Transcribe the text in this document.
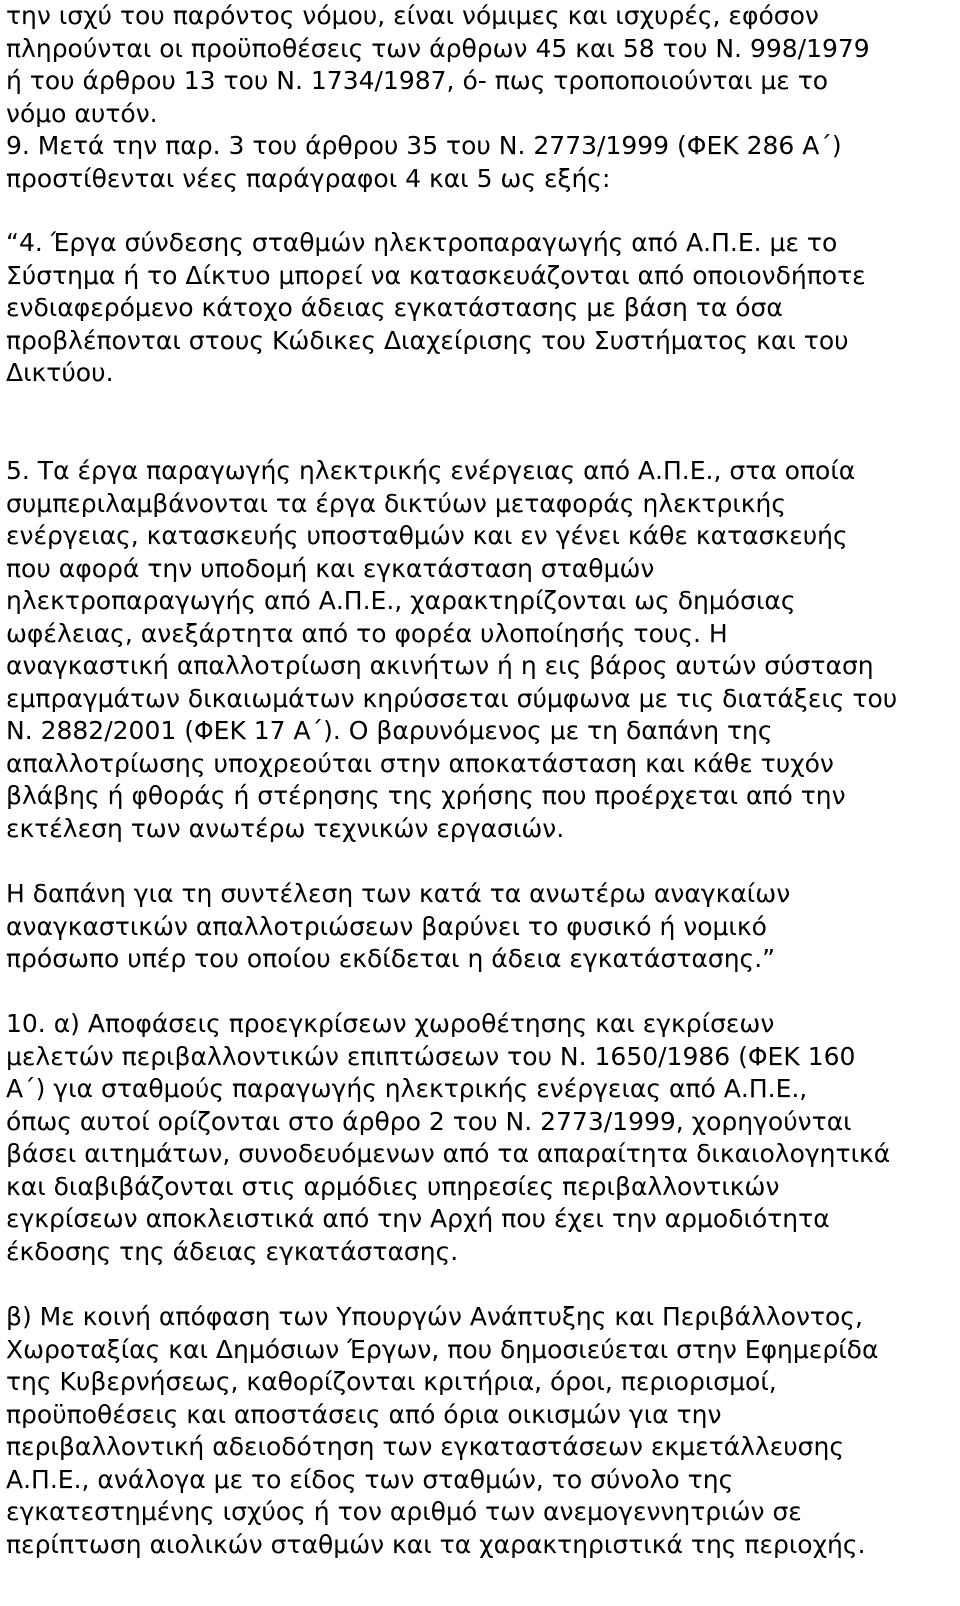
την ισχύ του παρόντος νόμου, είναι νόμιμες και ισχυρές, εφόσον
πληρούνται οι προϋποθέσεις των άρθρων 45 και 58 του Ν. 998/1979
ή του άρθρου 13 του Ν. 1734/1987, ό- πως τροποποιούνται με το
νόμο αυτόν.
9. Μετά την παρ. 3 του άρθρου 35 του Ν. 2773/1999 (ΦΕΚ 286 Α΄)
προστίθενται νέες παράγραφοι 4 και 5 ως εξής:
“4. Έργα σύνδεσης σταθμών ηλεκτροπαραγωγής από Α.Π.Ε. με το
Σύστημα ή το Δίκτυο μπορεί να κατασκευάζονται από οποιονδήποτε
ενδιαφερόμενο κάτοχο άδειας εγκατάστασης με βάση τα όσα
προβλέπονται στους Κώδικες Διαχείρισης του Συστήματος και του
Δικτύου.
5. Τα έργα παραγωγής ηλεκτρικής ενέργειας από Α.Π.Ε., στα οποία
συμπεριλαμβάνονται τα έργα δικτύων μεταφοράς ηλεκτρικής
ενέργειας, κατασκευής υποσταθμών και εν γένει κάθε κατασκευής
που αφορά την υποδομή και εγκατάσταση σταθμών
ηλεκτροπαραγωγής από Α.Π.Ε., χαρακτηρίζονται ως δημόσιας
ωφέλειας, ανεξάρτητα από το φορέα υλοποίησής τους. Η
αναγκαστική απαλλοτρίωση ακινήτων ή η εις βάρος αυτών σύσταση
εμπραγμάτων δικαιωμάτων κηρύσσεται σύμφωνα με τις διατάξεις του
Ν. 2882/2001 (ΦΕΚ 17 Α΄). Ο βαρυνόμενος με τη δαπάνη της
απαλλοτρίωσης υποχρεούται στην αποκατάσταση και κάθε τυχόν
βλάβης ή φθοράς ή στέρησης της χρήσης που προέρχεται από την
εκτέλεση των ανωτέρω τεχνικών εργασιών.
Η δαπάνη για τη συντέλεση των κατά τα ανωτέρω αναγκαίων
αναγκαστικών απαλλοτριώσεων βαρύνει το φυσικό ή νομικό
πρόσωπο υπέρ του οποίου εκδίδεται η άδεια εγκατάστασης.”
10. α) Αποφάσεις προεγκρίσεων χωροθέτησης και εγκρίσεων
μελετών περιβαλλοντικών επιπτώσεων του Ν. 1650/1986 (ΦΕΚ 160
Α΄) για σταθμούς παραγωγής ηλεκτρικής ενέργειας από Α.Π.Ε.,
όπως αυτοί ορίζονται στο άρθρο 2 του Ν. 2773/1999, χορηγούνται
βάσει αιτημάτων, συνοδευόμενων από τα απαραίτητα δικαιολογητικά
και διαβιβάζονται στις αρμόδιες υπηρεσίες περιβαλλοντικών
εγκρίσεων αποκλειστικά από την Αρχή που έχει την αρμοδιότητα
έκδοσης της άδειας εγκατάστασης.
β) Με κοινή απόφαση των Υπουργών Ανάπτυξης και Περιβάλλοντος,
Χωροταξίας και Δημόσιων Έργων, που δημοσιεύεται στην Εφημερίδα
της Κυβερνήσεως, καθορίζονται κριτήρια, όροι, περιορισμοί,
προϋποθέσεις και αποστάσεις από όρια οικισμών για την
περιβαλλοντική αδειοδότηση των εγκαταστάσεων εκμετάλλευσης
Α.Π.Ε., ανάλογα με το είδος των σταθμών, το σύνολο της
εγκατεστημένης ισχύος ή τον αριθμό των ανεμογεννητριών σε
περίπτωση αιολικών σταθμών και τα χαρακτηριστικά της περιοχής.
